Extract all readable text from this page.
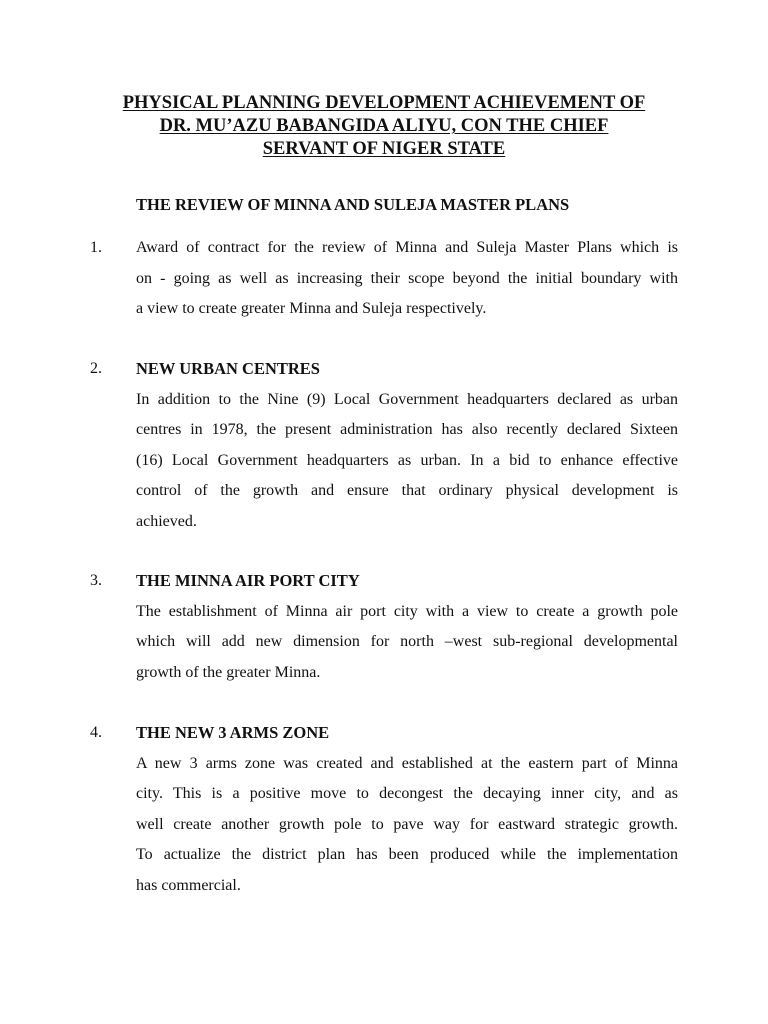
PHYSICAL PLANNING DEVELOPMENT ACHIEVEMENT OF
DR. MU’AZU BABANGIDA ALIYU, CON THE CHIEF
SERVANT OF NIGER STATE
THE REVIEW OF MINNA AND SULEJA MASTER PLANS
1. Award of contract for the review of Minna and Suleja Master Plans which is
on - going as well as increasing their scope beyond the initial boundary with
a view to create greater Minna and Suleja respectively.
2. NEW URBAN CENTRES
In addition to the Nine (9) Local Government headquarters declared as urban
centres in 1978, the present administration has also recently declared Sixteen
(16) Local Government headquarters as urban. In a bid to enhance effective
control of the growth and ensure that ordinary physical development is
achieved.
3. THE MINNA AIR PORT CITY
The establishment of Minna air port city with a view to create a growth pole
which will add new dimension for north –west sub-regional developmental
growth of the greater Minna.
4. THE NEW 3 ARMS ZONE
A new 3 arms zone was created and established at the eastern part of Minna
city. This is a positive move to decongest the decaying inner city, and as
well create another growth pole to pave way for eastward strategic growth.
To actualize the district plan has been produced while the implementation
has commercial.
